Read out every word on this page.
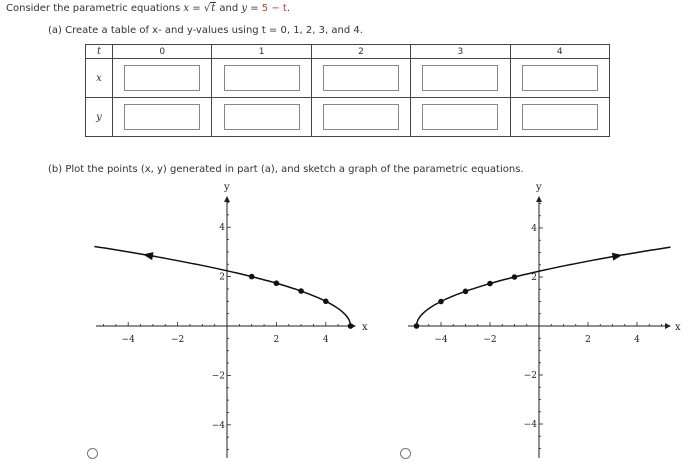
Consider the parametric equations x = √t and y = 5 − t.
(a) Create a table of x- and y-values using t = 0, 1, 2, 3, and 4.
t	0	1	2	3	4
x	

y	

(b) Plot the points (x, y) generated in part (a), and sketch a graph of the parametric equations.
x
y
−4	−2	2	4
4
2
−2
−4
x
y
−4	−2	2	4
4
2
−2
−4
